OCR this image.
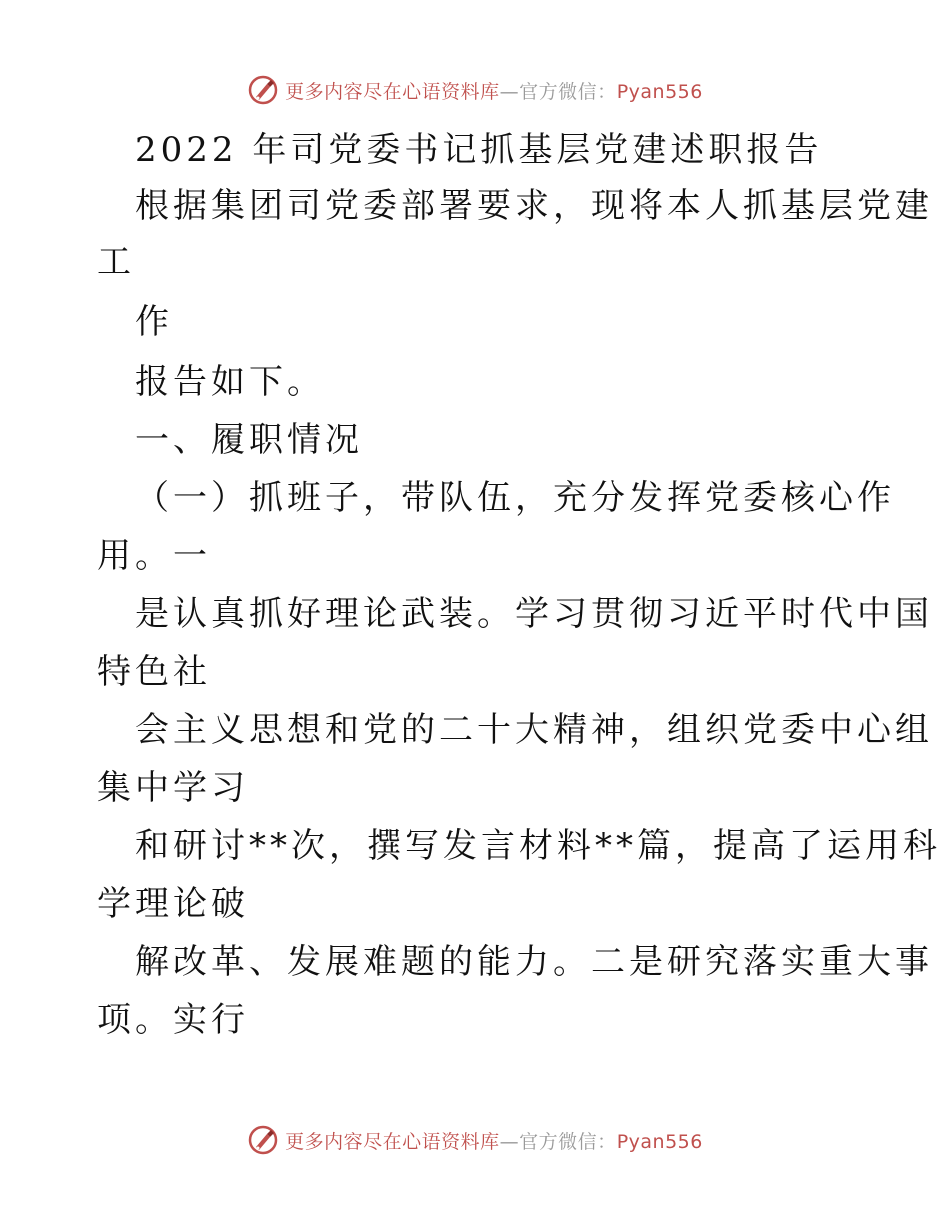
更多内容尽在心语资料库—官方微信：Pyan556
2022 年司党委书记抓基层党建述职报告
根据集团司党委部署要求，现将本人抓基层党建
工
作
报告如下。
一、履职情况
（一）抓班子，带队伍，充分发挥党委核心作
用。一
是认真抓好理论武装。学习贯彻习近平时代中国
特色社
会主义思想和党的二十大精神，组织党委中心组
集中学习
和研讨**次，撰写发言材料**篇，提高了运用科
学理论破
解改革、发展难题的能力。二是研究落实重大事
项。实行
更多内容尽在心语资料库—官方微信：Pyan556
